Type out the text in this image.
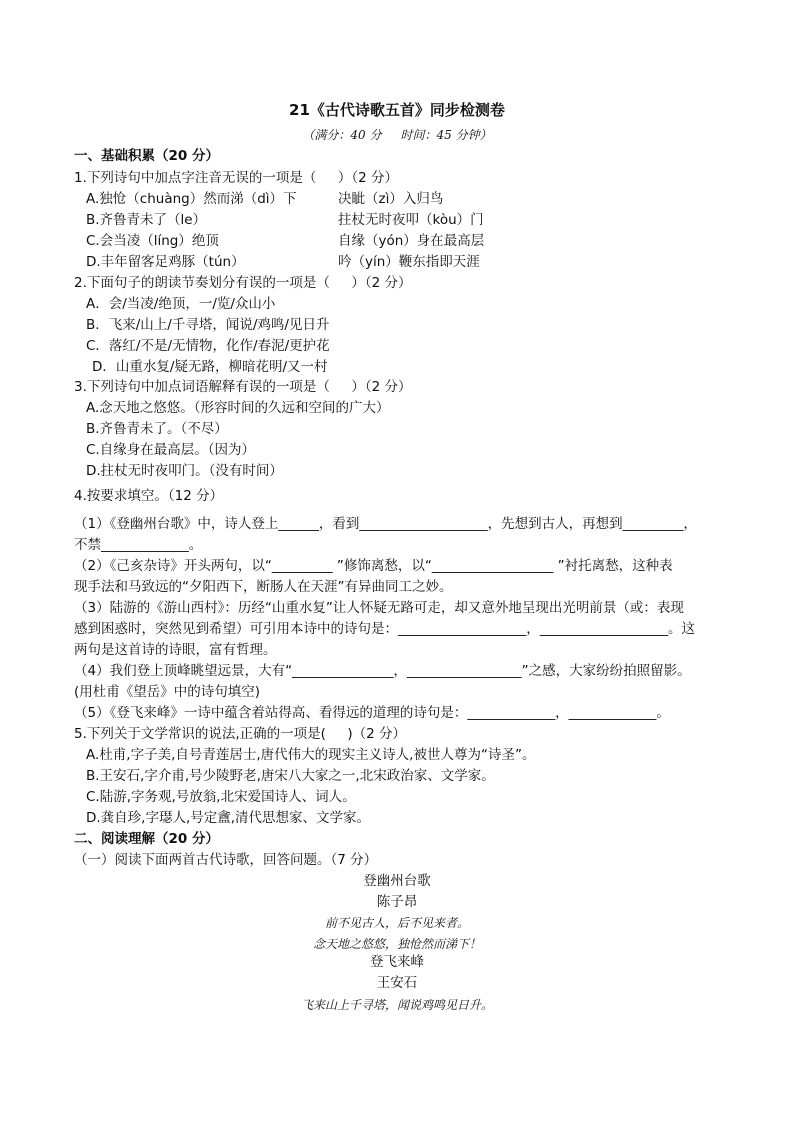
21《古代诗歌五首》同步检测卷
（满分：40 分     时间：45 分钟）
一、基础积累（20 分）
1.下列诗句中加点字注音无误的一项是（     ）（2 分）
A.独怆（chuàng）然而涕（dì）下	决眦（zì）入归鸟
B.齐鲁青未了（le）	拄杖无时夜叩（kòu）门
C.会当凌（líng）绝顶	自缘（yón）身在最高层
D.丰年留客足鸡豚（tún）	吟（yín）鞭东指即天涯
2.下面句子的朗读节奏划分有误的一项是（     ）（2 分）
A．会/当凌/绝顶，一/览/众山小
B．飞来/山上/千寻塔，闻说/鸡鸣/见日升
C．落红/不是/无情物，化作/春泥/更护花
D．山重水复/疑无路，柳暗花明/又一村
3.下列诗句中加点词语解释有误的一项是（     ）（2 分）
A.念天地之悠悠。（形容时间的久远和空间的广大）
B.齐鲁青未了。（不尽）
C.自缘身在最高层。（因为）
D.拄杖无时夜叩门。（没有时间）
4.按要求填空。（12 分）
（1）《登幽州台歌》中，诗人登上______，看到___________________，先想到古人，再想到_________，
不禁_____________。
（2）《己亥杂诗》开头两句，以“_________ ”修饰离愁，以“__________________ ”衬托离愁，这种表
现手法和马致远的“夕阳西下，断肠人在天涯”有异曲同工之妙。
（3）陆游的《游山西村》：历经“山重水复”让人怀疑无路可走，却又意外地呈现出光明前景（或：表现
感到困惑时，突然见到希望）可引用本诗中的诗句是：___________________，___________________。这
两句是这首诗的诗眼，富有哲理。
（4）我们登上顶峰眺望远景，大有“_______________，_________________”之感，大家纷纷拍照留影。
(用杜甫《望岳》中的诗句填空)
（5）《登飞来峰》一诗中蕴含着站得高、看得远的道理的诗句是：_____________，_____________。
5.下列关于文学常识的说法,正确的一项是(     )（2 分）
A.杜甫,字子美,自号青莲居士,唐代伟大的现实主义诗人,被世人尊为“诗圣”。
B.王安石,字介甫,号少陵野老,唐宋八大家之一,北宋政治家、文学家。
C.陆游,字务观,号放翁,北宋爱国诗人、词人。
D.龚自珍,字璱人,号定盦,清代思想家、文学家。
二、阅读理解（20 分）
（一）阅读下面两首古代诗歌，回答问题。（7 分）
登幽州台歌
陈子昂
前不见古人，后不见来者。
念天地之悠悠，独怆然而涕下！
登飞来峰
王安石
飞来山上千寻塔，闻说鸡鸣见日升。
